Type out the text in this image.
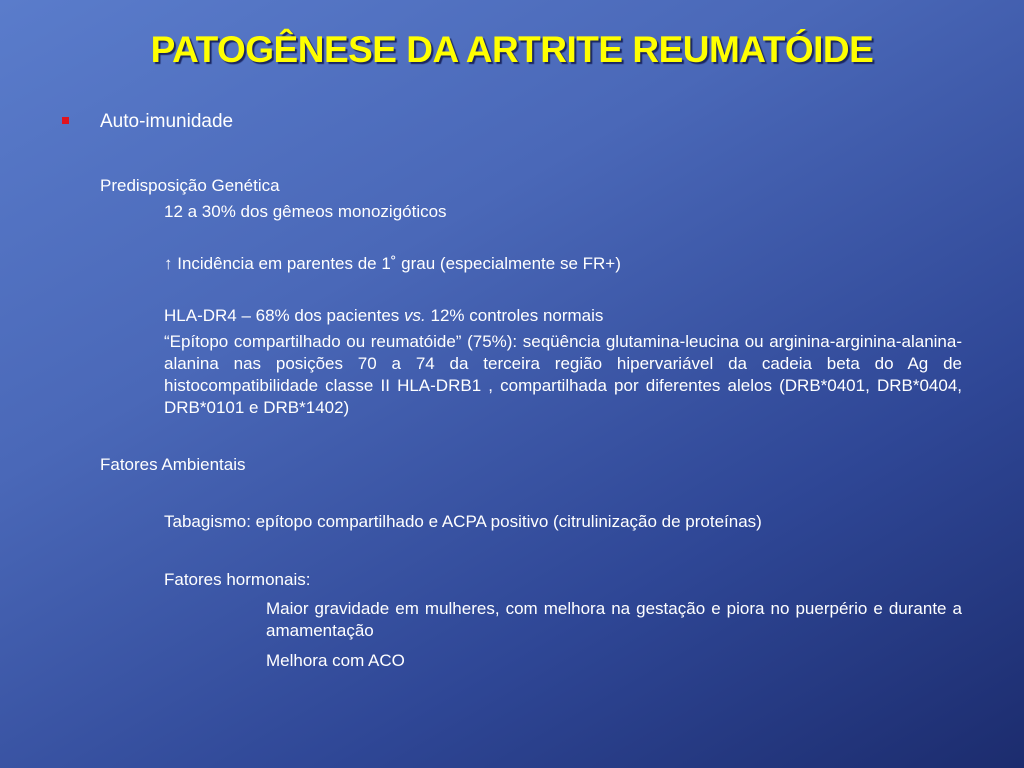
PATOGÊNESE DA ARTRITE REUMATÓIDE
Auto-imunidade
Predisposição Genética
12 a 30% dos gêmeos monozigóticos
↑ Incidência em parentes de 1˚ grau (especialmente se FR+)
HLA-DR4 – 68% dos pacientes vs. 12% controles normais
“Epítopo compartilhado ou reumatóide” (75%): seqüência glutamina-leucina ou arginina-arginina-alanina-alanina nas posições 70 a 74 da terceira região hipervariável da cadeia beta do Ag de histocompatibilidade classe II HLA-DRB1 , compartilhada por diferentes alelos (DRB*0401, DRB*0404, DRB*0101 e DRB*1402)
Fatores Ambientais
Tabagismo: epítopo compartilhado e ACPA positivo (citrulinização de proteínas)
Fatores hormonais:
Maior gravidade em mulheres, com melhora na gestação e piora no puerpério e durante a amamentação
Melhora com ACO
